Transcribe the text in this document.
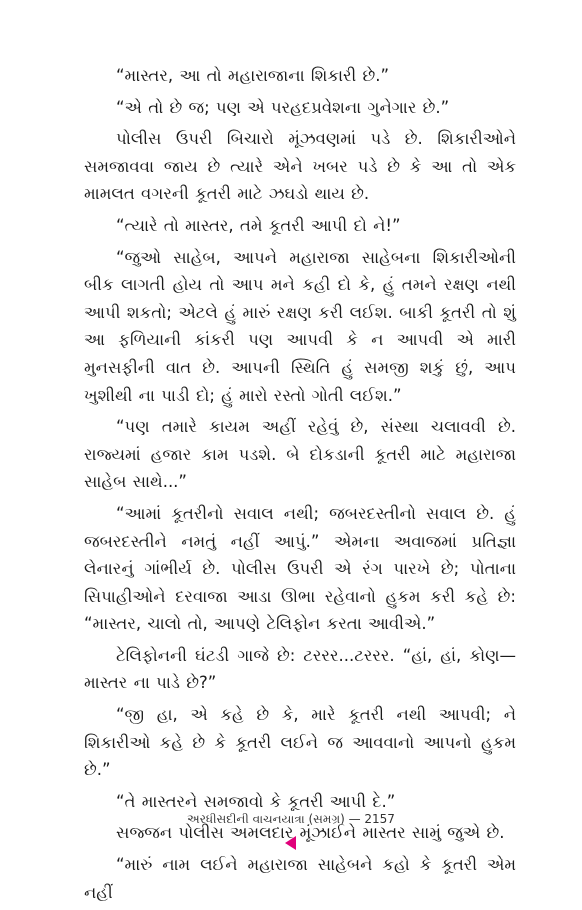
“માસ્તર, આ તો મહારાજાના શિકારી છે.”

“એ તો છે જ; પણ એ પરહદપ્રવેશના ગુનેગાર છે.”

પોલીસ ઉપરી બિચારો મૂંઝવણમાં પડે છે. શિકારીઓને સમજાવવા જાય છે ત્યારે એને ખબર પડે છે કે આ તો એક મામલત વગરની કૂતરી માટે ઝઘડો થાય છે.

“ત્યારે તો માસ્તર, તમે કૂતરી આપી દો ને!”

“જુઓ સાહેબ, આપને મહારાજા સાહેબના શિકારીઓની બીક લાગતી હોય તો આપ મને કહી દો કે, હું તમને રક્ષણ નથી આપી શકતો; એટલે હું મારું રક્ષણ કરી લઈશ. બાકી કૂતરી તો શું આ ફળિયાની કાંકરી પણ આપવી કે ન આપવી એ મારી મુનસફીની વાત છે. આપની સ્થિતિ હું સમજી શકું છું, આપ ખુશીથી ના પાડી દો; હું મારો રસ્તો ગોતી લઈશ.”

“પણ તમારે કાયમ અહીં રહેવું છે, સંસ્થા ચલાવવી છે. રાજ્યમાં હજાર કામ પડશે. બે દોકડાની કૂતરી માટે મહારાજા સાહેબ સાથે...”

“આમાં કૂતરીનો સવાલ નથી; જબરદસ્તીનો સવાલ છે. હું જબરદસ્તીને નમતું નહીં આપું.” એમના અવાજમાં પ્રતિજ્ઞા લેનારનું ગાંભીર્ય છે. પોલીસ ઉપરી એ રંગ પારખે છે; પોતાના સિપાહીઓને દરવાજા આડા ઊભા રહેવાનો હુકમ કરી કહે છે: “માસ્તર, ચાલો તો, આપણે ટેલિફોન કરતા આવીએ.”

ટેલિફોનની ઘંટડી ગાજે છે: ટરરર...ટરરર. “હાં, હાં, કોણ—માસ્તર ના પાડે છે?”

“જી હા, એ કહે છે કે, મારે કૂતરી નથી આપવી; ને શિકારીઓ કહે છે કે કૂતરી લઈને જ આવવાનો આપનો હુકમ છે.”

“તે માસ્તરને સમજાવો કે કૂતરી આપી દે.”

સજ્જન પોલીસ અમલદાર મૂંઝાઈને માસ્તર સામું જુએ છે.

“મારું નામ લઈને મહારાજા સાહેબને કહો કે કૂતરી એમ નહીં

અરધીસદીની વાચનયાત્રા (સમગ્ર) — 2157
